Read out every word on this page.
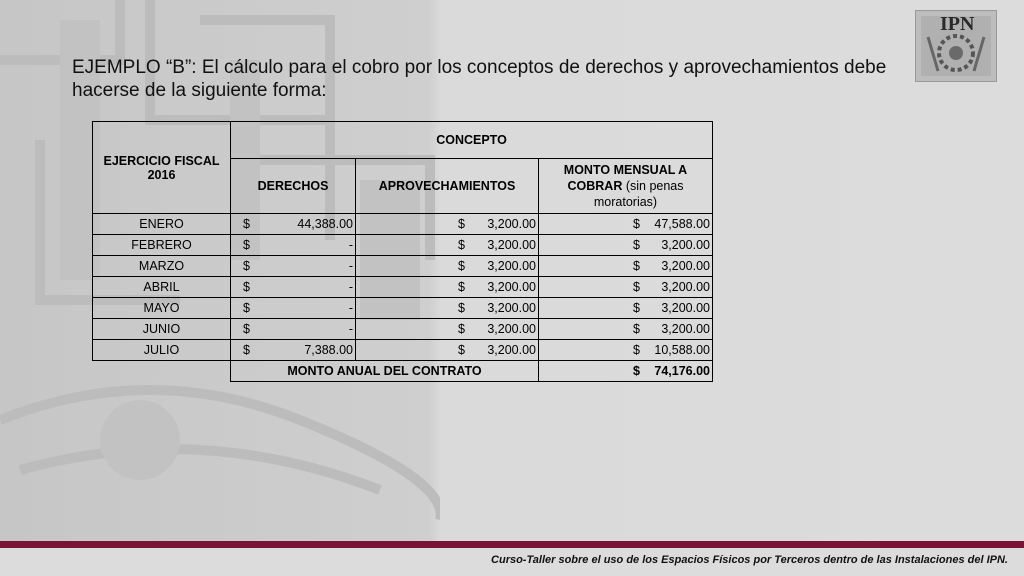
IPN
EJEMPLO “B”: El cálculo para el cobro por los conceptos de derechos y aprovechamientos debe hacerse de la siguiente forma:
EJERCICIO FISCAL 2016	CONCEPTO		
	DERECHOS	APROVECHAMIENTOS	MONTO MENSUAL A COBRAR (sin penas moratorias)
ENERO	$ 44,388.00	$ 3,200.00	$ 47,588.00

FEBRERO	$ -	$ 3,200.00	$ 3,200.00

MARZO	$ -	$ 3,200.00	$ 3,200.00

ABRIL	$ -	$ 3,200.00	$ 3,200.00

MAYO	$ -	$ 3,200.00	$ 3,200.00

JUNIO	$ -	$ 3,200.00	$ 3,200.00

JULIO	$ 7,388.00	$ 3,200.00	$ 10,588.00

	MONTO ANUAL DEL CONTRATO		$ 74,176.00
Curso-Taller sobre el uso de los Espacios Físicos por Terceros dentro de las Instalaciones del IPN.
